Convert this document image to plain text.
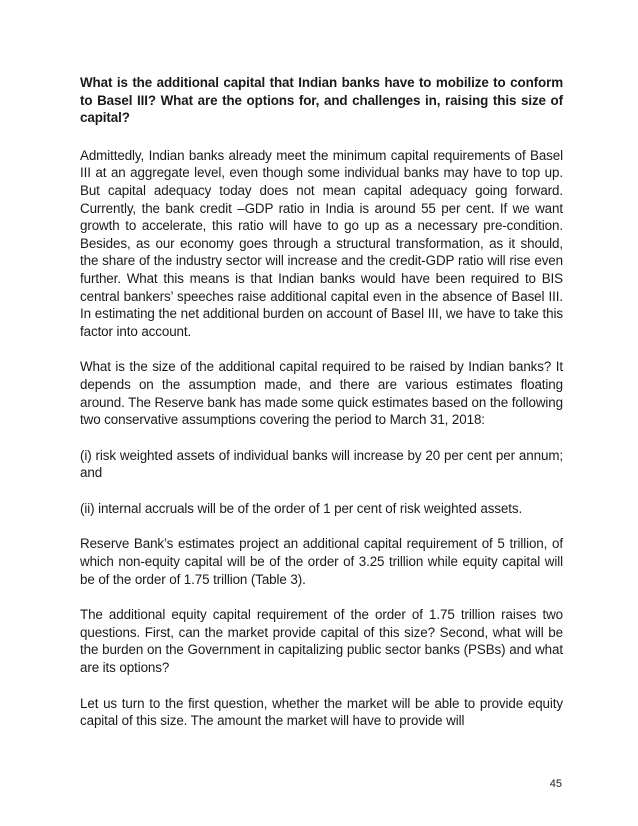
What is the additional capital that Indian banks have to mobilize to conform to Basel III? What are the options for, and challenges in, raising this size of capital?

Admittedly, Indian banks already meet the minimum capital requirements of Basel III at an aggregate level, even though some individual banks may have to top up. But capital adequacy today does not mean capital adequacy going forward. Currently, the bank credit –GDP ratio in India is around 55 per cent. If we want growth to accelerate, this ratio will have to go up as a necessary pre-condition. Besides, as our economy goes through a structural transformation, as it should, the share of the industry sector will increase and the credit-GDP ratio will rise even further. What this means is that Indian banks would have been required to BIS central bankers’ speeches raise additional capital even in the absence of Basel III. In estimating the net additional burden on account of Basel III, we have to take this factor into account.

What is the size of the additional capital required to be raised by Indian banks? It depends on the assumption made, and there are various estimates floating around. The Reserve bank has made some quick estimates based on the following two conservative assumptions covering the period to March 31, 2018:

(i) risk weighted assets of individual banks will increase by 20 per cent per annum; and

(ii) internal accruals will be of the order of 1 per cent of risk weighted assets.

Reserve Bank’s estimates project an additional capital requirement of 5 trillion, of which non-equity capital will be of the order of 3.25 trillion while equity capital will be of the order of 1.75 trillion (Table 3).

The additional equity capital requirement of the order of 1.75 trillion raises two questions. First, can the market provide capital of this size? Second, what will be the burden on the Government in capitalizing public sector banks (PSBs) and what are its options?

Let us turn to the first question, whether the market will be able to provide equity capital of this size. The amount the market will have to provide will

45
